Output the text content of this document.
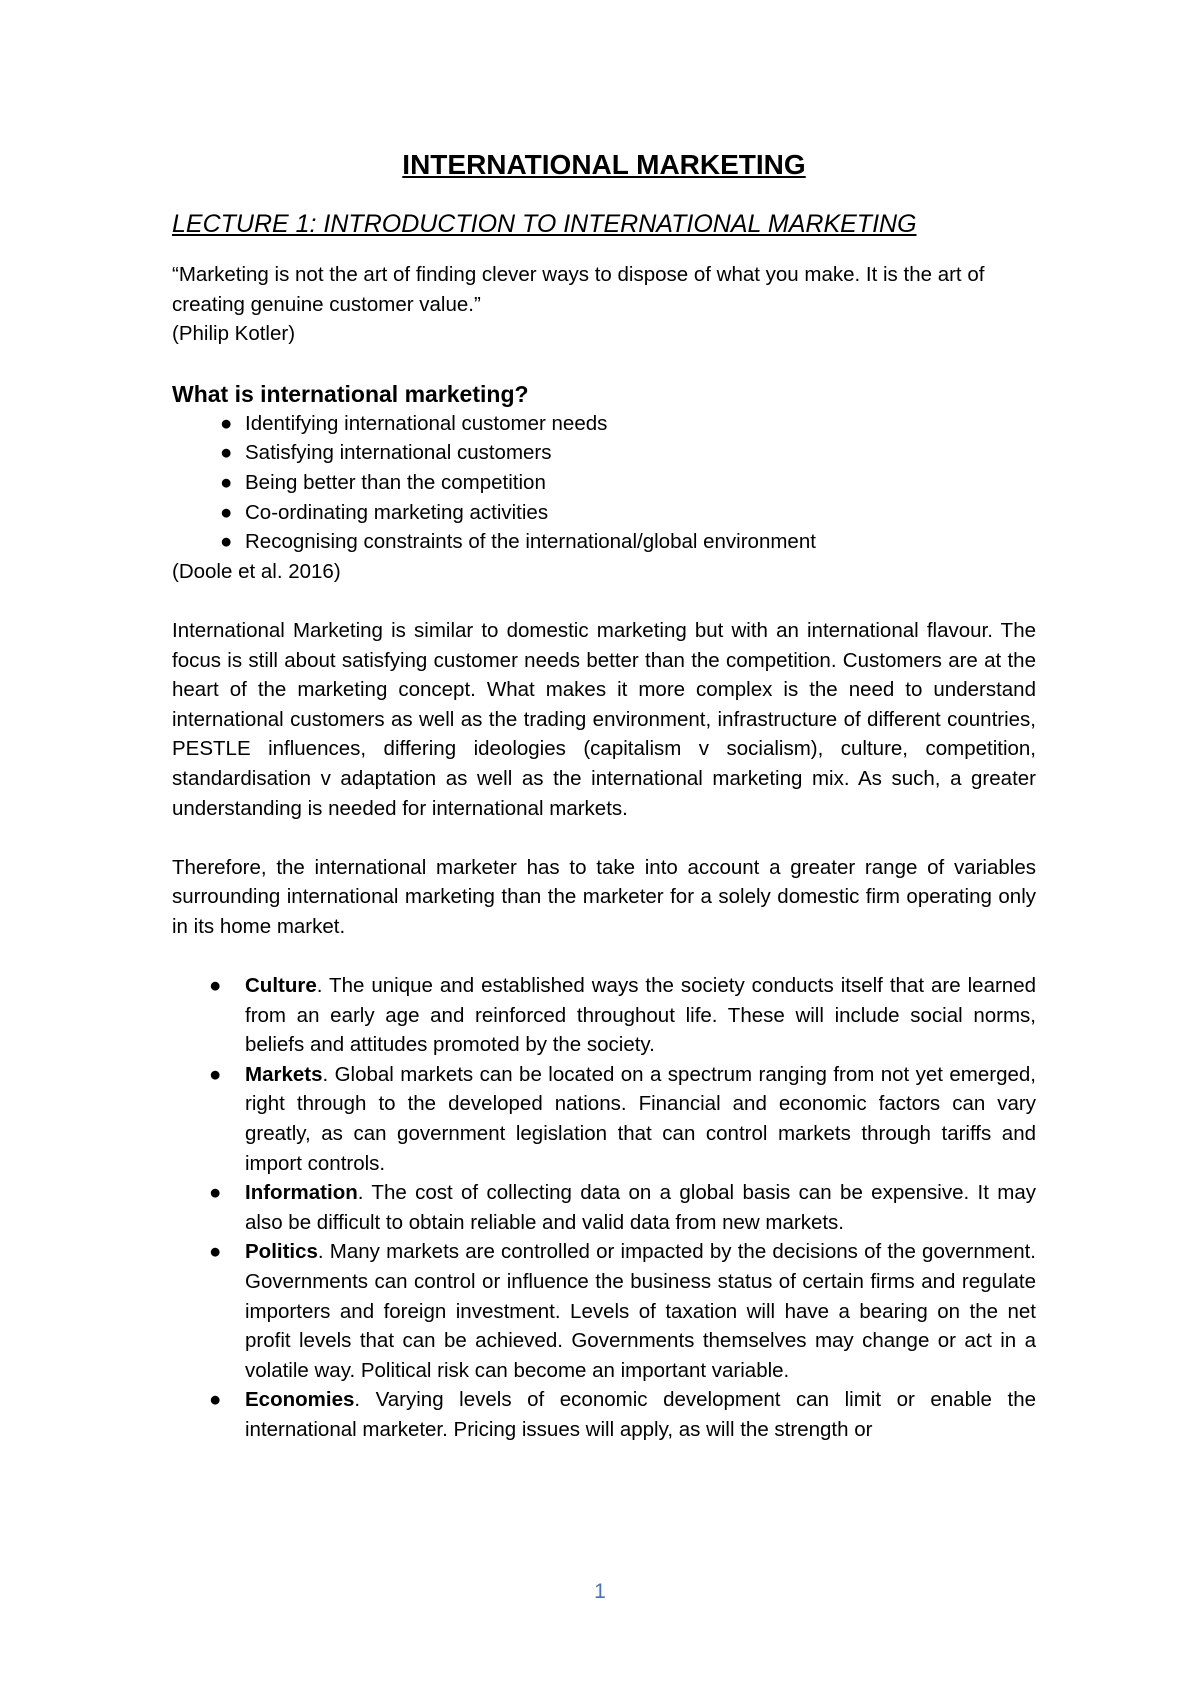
INTERNATIONAL MARKETING
LECTURE 1: INTRODUCTION TO INTERNATIONAL MARKETING
“Marketing is not the art of finding clever ways to dispose of what you make. It is the art of creating genuine customer value.”
(Philip Kotler)
What is international marketing?
● Identifying international customer needs
● Satisfying international customers
● Being better than the competition
● Co-ordinating marketing activities
● Recognising constraints of the international/global environment
(Doole et al. 2016)
International Marketing is similar to domestic marketing but with an international flavour. The focus is still about satisfying customer needs better than the competition. Customers are at the heart of the marketing concept. What makes it more complex is the need to understand international customers as well as the trading environment, infrastructure of different countries, PESTLE influences, differing ideologies (capitalism v socialism), culture, competition, standardisation v adaptation as well as the international marketing mix. As such, a greater understanding is needed for international markets.
Therefore, the international marketer has to take into account a greater range of variables surrounding international marketing than the marketer for a solely domestic firm operating only in its home market.
● Culture. The unique and established ways the society conducts itself that are learned from an early age and reinforced throughout life. These will include social norms, beliefs and attitudes promoted by the society.
● Markets. Global markets can be located on a spectrum ranging from not yet emerged, right through to the developed nations. Financial and economic factors can vary greatly, as can government legislation that can control markets through tariffs and import controls.
● Information. The cost of collecting data on a global basis can be expensive. It may also be difficult to obtain reliable and valid data from new markets.
● Politics. Many markets are controlled or impacted by the decisions of the government. Governments can control or influence the business status of certain firms and regulate importers and foreign investment. Levels of taxation will have a bearing on the net profit levels that can be achieved. Governments themselves may change or act in a volatile way. Political risk can become an important variable.
● Economies. Varying levels of economic development can limit or enable the international marketer. Pricing issues will apply, as will the strength or
1
